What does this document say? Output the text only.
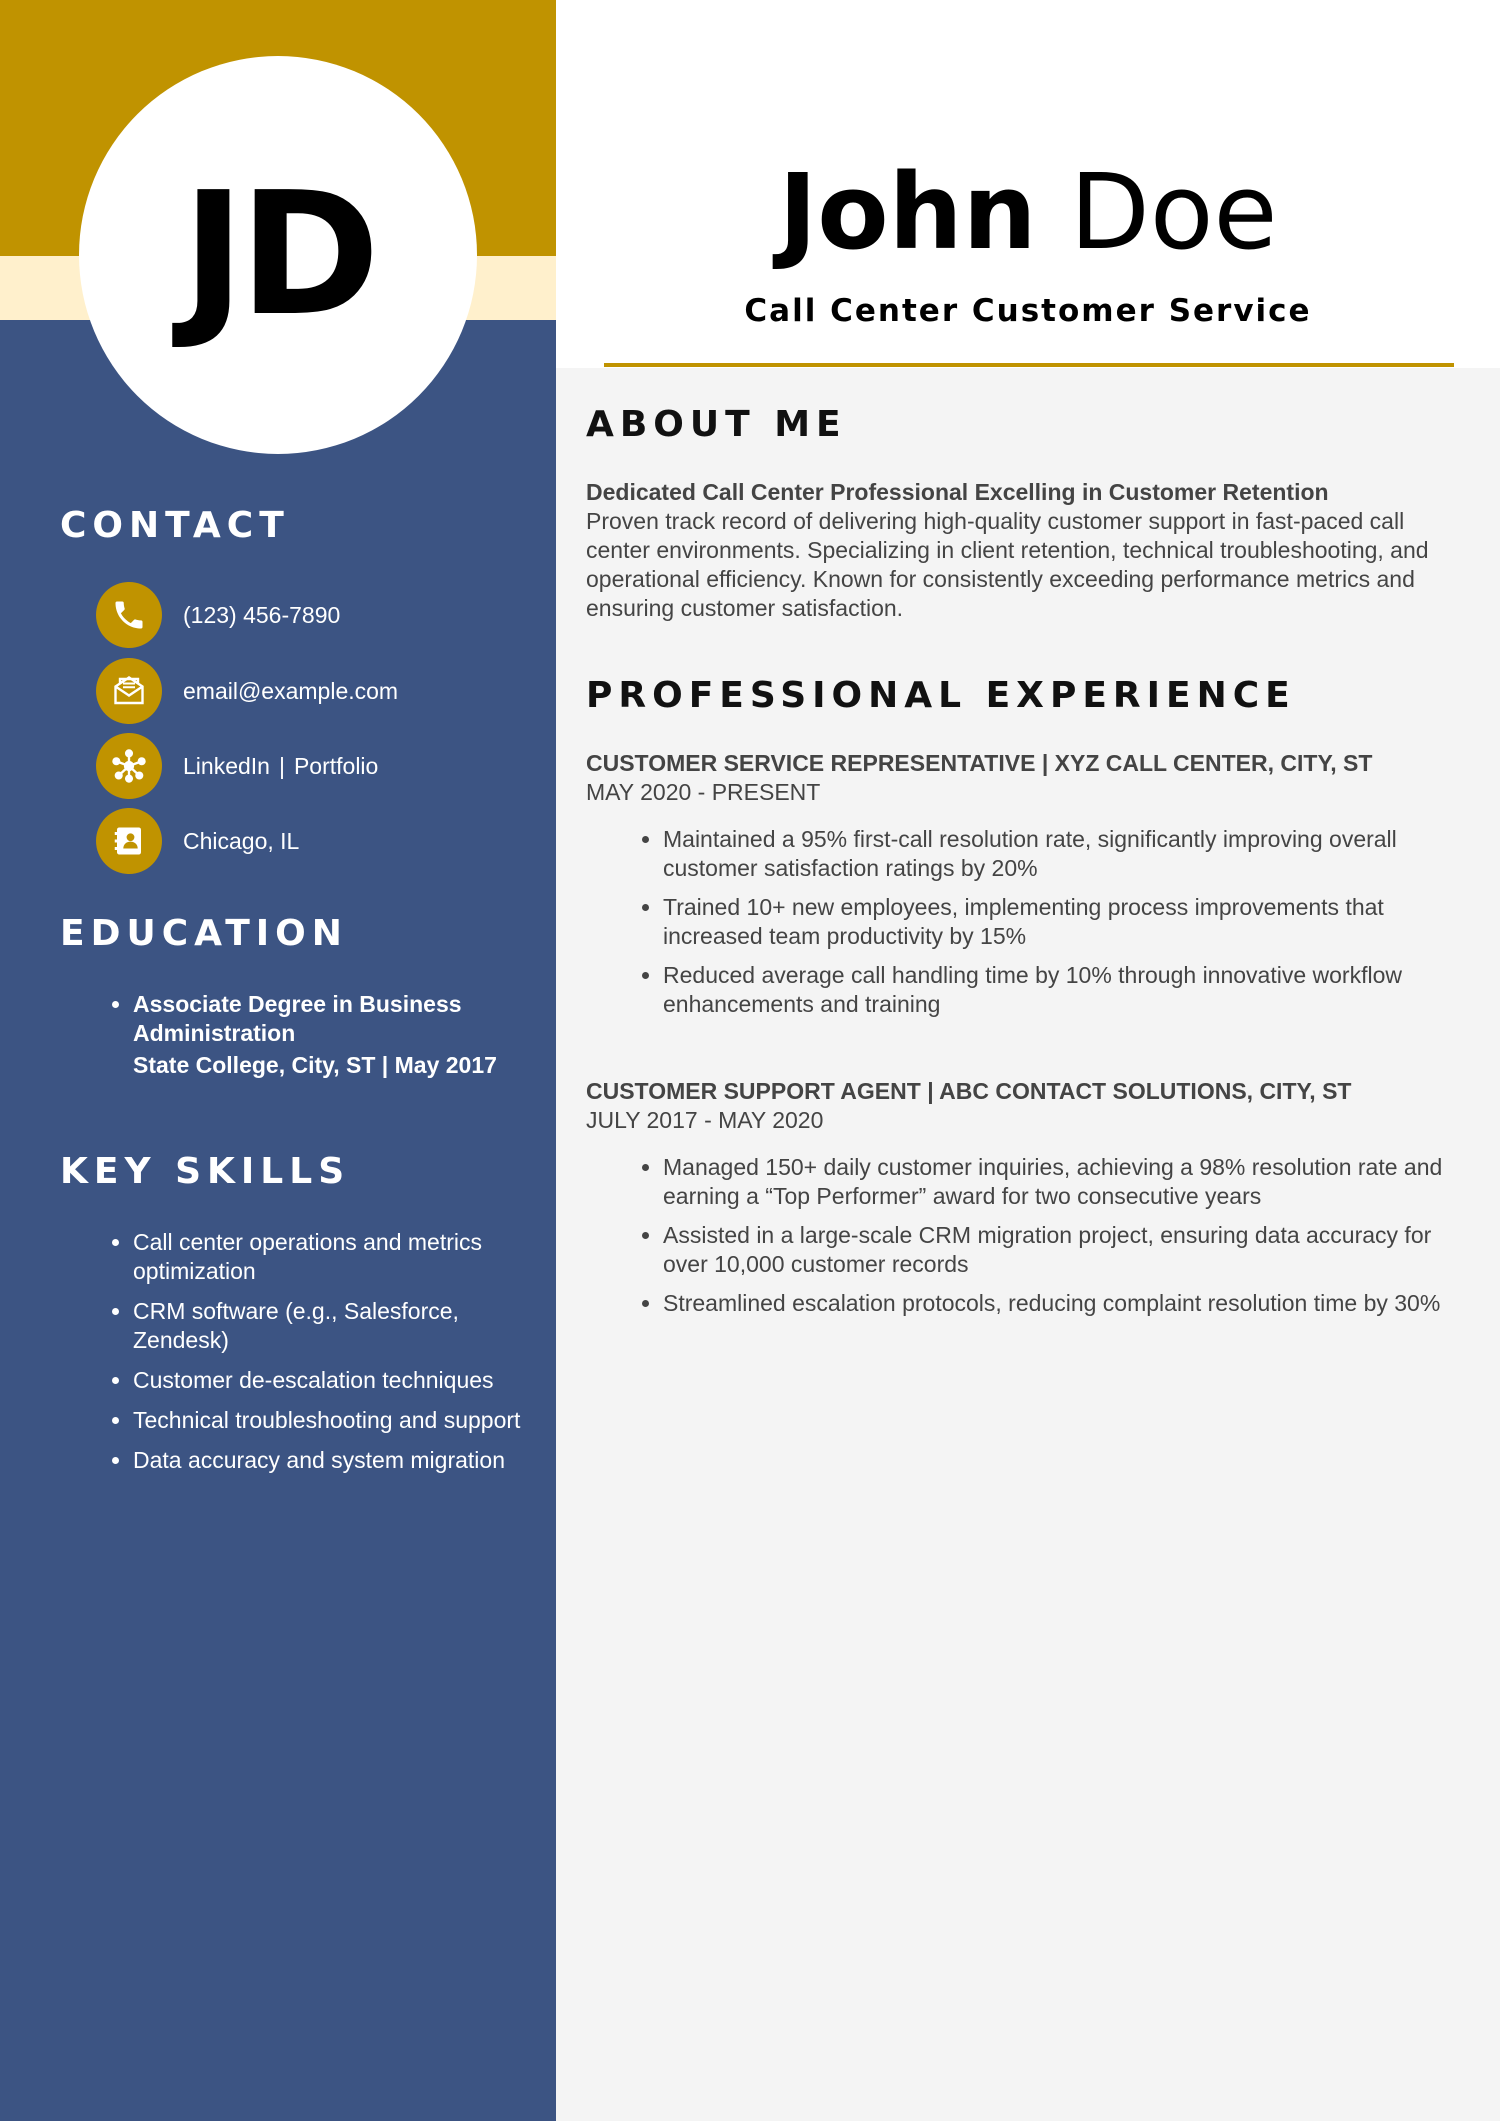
JD	John Doe
Call Center Customer Service
CONTACT
(123) 456-7890
email@example.com
LinkedIn | Portfolio
Chicago, IL
EDUCATION
• Associate Degree in Business Administration
State College, City, ST | May 2017
KEY SKILLS
• Call center operations and metrics optimization
• CRM software (e.g., Salesforce, Zendesk)
• Customer de-escalation techniques
• Technical troubleshooting and support
• Data accuracy and system migration
ABOUT ME
Dedicated Call Center Professional Excelling in Customer Retention
Proven track record of delivering high-quality customer support in fast-paced call center environments. Specializing in client retention, technical troubleshooting, and operational efficiency. Known for consistently exceeding performance metrics and ensuring customer satisfaction.
PROFESSIONAL EXPERIENCE
CUSTOMER SERVICE REPRESENTATIVE | XYZ CALL CENTER, CITY, ST
MAY 2020 - PRESENT
• Maintained a 95% first-call resolution rate, significantly improving overall customer satisfaction ratings by 20%
• Trained 10+ new employees, implementing process improvements that increased team productivity by 15%
• Reduced average call handling time by 10% through innovative workflow enhancements and training
CUSTOMER SUPPORT AGENT | ABC CONTACT SOLUTIONS, CITY, ST
JULY 2017 - MAY 2020
• Managed 150+ daily customer inquiries, achieving a 98% resolution rate and earning a “Top Performer” award for two consecutive years
• Assisted in a large-scale CRM migration project, ensuring data accuracy for over 10,000 customer records
• Streamlined escalation protocols, reducing complaint resolution time by 30%
